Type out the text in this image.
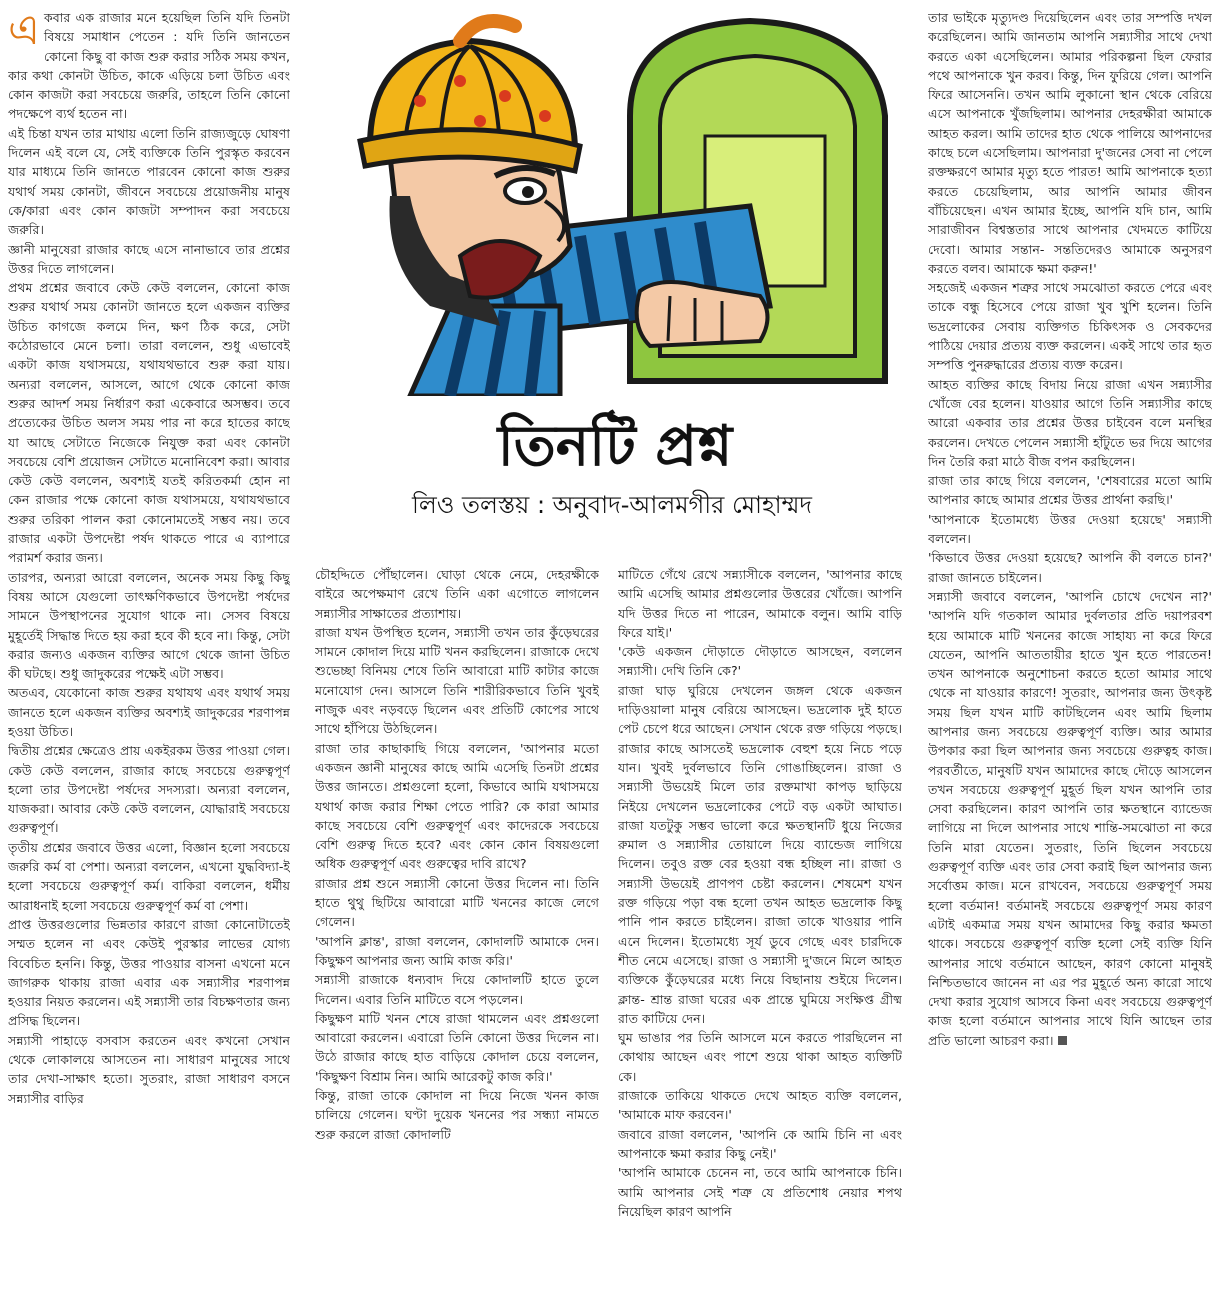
তিনটি প্রশ্ন
লিও তলস্তয় : অনুবাদ-আলমগীর মোহাম্মদ

একবার এক রাজার মনে হয়েছিল তিনি যদি তিনটা বিষয়ে সমাধান পেতেন : যদি তিনি জানতেন কোনো কিছু বা কাজ শুরু করার সঠিক সময় কখন, কার কথা কোনটা উচিত, কাকে এড়িয়ে চলা উচিত এবং কোন কাজটা করা সবচেয়ে জরুরি, তাহলে তিনি কোনো পদক্ষেপে ব্যর্থ হতেন না।

এই চিন্তা যখন তার মাথায় এলো তিনি রাজ্যজুড়ে ঘোষণা দিলেন এই বলে যে, সেই ব্যক্তিকে তিনি পুরস্কৃত করবেন যার মাধ্যমে তিনি জানতে পারবেন কোনো কাজ শুরুর যথার্থ সময় কোনটা, জীবনে সবচেয়ে প্রয়োজনীয় মানুষ কে/কারা এবং কোন কাজটা সম্পাদন করা সবচেয়ে জরুরি।

জ্ঞানী মানুষেরা রাজার কাছে এসে নানাভাবে তার প্রশ্নের উত্তর দিতে লাগলেন।

প্রথম প্রশ্নের জবাবে কেউ কেউ বললেন, কোনো কাজ শুরুর যথার্থ সময় কোনটা জানতে হলে একজন ব্যক্তির উচিত কাগজে কলমে দিন, ক্ষণ ঠিক করে, সেটা কঠোরভাবে মেনে চলা। তারা বললেন, শুধু এভাবেই একটা কাজ যথাসময়ে, যথাযথভাবে শুরু করা যায়। অন্যরা বললেন, আসলে, আগে থেকে কোনো কাজ শুরুর আদর্শ সময় নির্ধারণ করা একেবারে অসম্ভব। তবে প্রত্যেকের উচিত অলস সময় পার না করে হাতের কাছে যা আছে সেটাতে নিজেকে নিযুক্ত করা এবং কোনটা সবচেয়ে বেশি প্রয়োজন সেটাতে মনোনিবেশ করা। আবার কেউ কেউ বললেন, অবশ্যই যতই করিতকর্মা হোন না কেন রাজার পক্ষে কোনো কাজ যথাসময়ে, যথাযথভাবে শুরুর তরিকা পালন করা কোনোমতেই সম্ভব নয়। তবে রাজার একটা উপদেষ্টা পর্ষদ থাকতে পারে এ ব্যাপারে পরামর্শ করার জন্য।

তারপর, অন্যরা আরো বললেন, অনেক সময় কিছু কিছু বিষয় আসে যেগুলো তাৎক্ষণিকভাবে উপদেষ্টা পর্ষদের সামনে উপস্থাপনের সুযোগ থাকে না। সেসব বিষয়ে মুহূর্তেই সিদ্ধান্ত দিতে হয় করা হবে কী হবে না। কিন্তু, সেটা করার জন্যও একজন ব্যক্তির আগে থেকে জানা উচিত কী ঘটছে। শুধু জাদুকরের পক্ষেই এটা সম্ভব।

অতএব, যেকোনো কাজ শুরুর যথাযথ এবং যথার্থ সময় জানতে হলে একজন ব্যক্তির অবশ্যই জাদুকরের শরণাপন্ন হওয়া উচিত।

দ্বিতীয় প্রশ্নের ক্ষেত্রেও প্রায় একইরকম উত্তর পাওয়া গেল। কেউ কেউ বললেন, রাজার কাছে সবচেয়ে গুরুত্বপূর্ণ হলো তার উপদেষ্টা পর্ষদের সদস্যরা। অন্যরা বললেন, যাজকরা। আবার কেউ কেউ বললেন, যোদ্ধারাই সবচেয়ে গুরুত্বপূর্ণ।

তৃতীয় প্রশ্নের জবাবে উত্তর এলো, বিজ্ঞান হলো সবচেয়ে জরুরি কর্ম বা পেশা। অন্যরা বললেন, এখনো যুদ্ধবিদ্যা-ই হলো সবচেয়ে গুরুত্বপূর্ণ কর্ম। বাকিরা বললেন, ধর্মীয় আরাধনাই হলো সবচেয়ে গুরুত্বপূর্ণ কর্ম বা পেশা।

প্রাপ্ত উত্তরগুলোর ভিন্নতার কারণে রাজা কোনোটাতেই সম্মত হলেন না এবং কেউই পুরস্কার লাভের যোগ্য বিবেচিত হননি। কিন্তু, উত্তর পাওয়ার বাসনা এখনো মনে জাগরুক থাকায় রাজা এবার এক সন্ন্যাসীর শরণাপন্ন হওয়ার নিয়ত করলেন। এই সন্ন্যাসী তার বিচক্ষণতার জন্য প্রসিদ্ধ ছিলেন।

সন্ন্যাসী পাহাড়ে বসবাস করতেন এবং কখনো সেখান থেকে লোকালয়ে আসতেন না। সাধারণ মানুষের সাথে তার দেখা-সাক্ষাৎ হতো। সুতরাং, রাজা সাধারণ বসনে সন্ন্যাসীর বাড়ির

চৌহদ্দিতে পৌঁছালেন। ঘোড়া থেকে নেমে, দেহরক্ষীকে বাইরে অপেক্ষমাণ রেখে তিনি একা এগোতে লাগলেন সন্ন্যাসীর সাক্ষাতের প্রত্যাশায়।

রাজা যখন উপস্থিত হলেন, সন্ন্যাসী তখন তার কুঁড়েঘরের সামনে কোদাল দিয়ে মাটি খনন করছিলেন। রাজাকে দেখে শুভেচ্ছা বিনিময় শেষে তিনি আবারো মাটি কাটার কাজে মনোযোগ দেন। আসলে তিনি শারীরিকভাবে তিনি খুবই নাজুক এবং নড়বড়ে ছিলেন এবং প্রতিটি কোপের সাথে সাথে হাঁপিয়ে উঠছিলেন।

রাজা তার কাছাকাছি গিয়ে বললেন, 'আপনার মতো একজন জ্ঞানী মানুষের কাছে আমি এসেছি তিনটা প্রশ্নের উত্তর জানতে। প্রশ্নগুলো হলো, কিভাবে আমি যথাসময়ে যথার্থ কাজ করার শিক্ষা পেতে পারি? কে কারা আমার কাছে সবচেয়ে বেশি গুরুত্বপূর্ণ এবং কাদেরকে সবচেয়ে বেশি গুরুত্ব দিতে হবে? এবং কোন কোন বিষয়গুলো অধিক গুরুত্বপূর্ণ এবং গুরুত্বের দাবি রাখে?

রাজার প্রশ্ন শুনে সন্ন্যাসী কোনো উত্তর দিলেন না। তিনি হাতে থুথু ছিটিয়ে আবারো মাটি খননের কাজে লেগে গেলেন।

'আপনি ক্লান্ত', রাজা বললেন, কোদালটি আমাকে দেন। কিছুক্ষণ আপনার জন্য আমি কাজ করি।'

সন্ন্যাসী রাজাকে ধন্যবাদ দিয়ে কোদালটি হাতে তুলে দিলেন। এবার তিনি মাটিতে বসে পড়লেন।

কিছুক্ষণ মাটি খনন শেষে রাজা থামলেন এবং প্রশ্নগুলো আবারো করলেন। এবারো তিনি কোনো উত্তর দিলেন না। উঠে রাজার কাছে হাত বাড়িয়ে কোদাল চেয়ে বললেন, 'কিছুক্ষণ বিশ্রাম নিন। আমি আরেকটু কাজ করি।'

কিন্তু, রাজা তাকে কোদাল না দিয়ে নিজে খনন কাজ চালিয়ে গেলেন। ঘণ্টা দুয়েক খননের পর সন্ধ্যা নামতে শুরু করলে রাজা কোদালটি

মাটিতে গেঁথে রেখে সন্ন্যাসীকে বললেন, 'আপনার কাছে আমি এসেছি আমার প্রশ্নগুলোর উত্তরের খোঁজে। আপনি যদি উত্তর দিতে না পারেন, আমাকে বলুন। আমি বাড়ি ফিরে যাই।'

'কেউ একজন দৌড়াতে দৌড়াতে আসছেন, বললেন সন্ন্যাসী। দেখি তিনি কে?'

রাজা ঘাড় ঘুরিয়ে দেখলেন জঙ্গল থেকে একজন দাড়িওয়ালা মানুষ বেরিয়ে আসছেন। ভদ্রলোক দুই হাতে পেট চেপে ধরে আছেন। সেখান থেকে রক্ত গড়িয়ে পড়ছে। রাজার কাছে আসতেই ভদ্রলোক বেহুশ হয়ে নিচে পড়ে যান। খুবই দুর্বলভাবে তিনি গোঙাচ্ছিলেন। রাজা ও সন্ন্যাসী উভয়েই মিলে তার রক্তমাখা কাপড় ছাড়িয়ে নিইয়ে দেখলেন ভদ্রলোকের পেটে বড় একটা আঘাত। রাজা যতটুকু সম্ভব ভালো করে ক্ষতস্থানটি ধুয়ে নিজের রুমাল ও সন্ন্যাসীর তোয়ালে দিয়ে ব্যান্ডেজ লাগিয়ে দিলেন। তবুও রক্ত বের হওয়া বন্ধ হচ্ছিল না। রাজা ও সন্ন্যাসী উভয়েই প্রাণপণ চেষ্টা করলেন। শেষমেশ যখন রক্ত গড়িয়ে পড়া বন্ধ হলো তখন আহত ভদ্রলোক কিছু পানি পান করতে চাইলেন। রাজা তাকে খাওয়ার পানি এনে দিলেন। ইতোমধ্যে সূর্য ডুবে গেছে এবং চারদিকে শীত নেমে এসেছে। রাজা ও সন্ন্যাসী দু'জনে মিলে আহত ব্যক্তিকে কুঁড়েঘরের মধ্যে নিয়ে বিছানায় শুইয়ে দিলেন। ক্লান্ত- শ্রান্ত রাজা ঘরের এক প্রান্তে ঘুমিয়ে সংক্ষিপ্ত গ্রীষ্ম রাত কাটিয়ে দেন।

ঘুম ভাঙার পর তিনি আসলে মনে করতে পারছিলেন না কোথায় আছেন এবং পাশে শুয়ে থাকা আহত ব্যক্তিটি কে।

রাজাকে তাকিয়ে থাকতে দেখে আহত ব্যক্তি বললেন, 'আমাকে মাফ করবেন।'

জবাবে রাজা বললেন, 'আপনি কে আমি চিনি না এবং আপনাকে ক্ষমা করার কিছু নেই।'

'আপনি আমাকে চেনেন না, তবে আমি আপনাকে চিনি। আমি আপনার সেই শত্রু যে প্রতিশোধ নেয়ার শপথ নিয়েছিল কারণ আপনি

তার ভাইকে মৃত্যুদণ্ড দিয়েছিলেন এবং তার সম্পত্তি দখল করেছিলেন। আমি জানতাম আপনি সন্ন্যাসীর সাথে দেখা করতে একা এসেছিলেন। আমার পরিকল্পনা ছিল ফেরার পথে আপনাকে খুন করব। কিন্তু, দিন ফুরিয়ে গেল। আপনি ফিরে আসেননি। তখন আমি লুকানো স্থান থেকে বেরিয়ে এসে আপনাকে খুঁজছিলাম। আপনার দেহরক্ষীরা আমাকে আহত করল। আমি তাদের হাত থেকে পালিয়ে আপনাদের কাছে চলে এসেছিলাম। আপনারা দু'জনের সেবা না পেলে রক্তক্ষরণে আমার মৃত্যু হতে পারত! আমি আপনাকে হত্যা করতে চেয়েছিলাম, আর আপনি আমার জীবন বাঁচিয়েছেন। এখন আমার ইচ্ছে, আপনি যদি চান, আমি সারাজীবন বিশ্বস্ততার সাথে আপনার খেদমতে কাটিয়ে দেবো। আমার সন্তান- সন্ততিদেরও আমাকে অনুসরণ করতে বলব। আমাকে ক্ষমা করুন!'

সহজেই একজন শত্রুর সাথে সমঝোতা করতে পেরে এবং তাকে বন্ধু হিসেবে পেয়ে রাজা খুব খুশি হলেন। তিনি ভদ্রলোকের সেবায় ব্যক্তিগত চিকিৎসক ও সেবকদের পাঠিয়ে দেয়ার প্রত্যয় ব্যক্ত করলেন। একই সাথে তার হৃত সম্পত্তি পুনরুদ্ধারের প্রত্যয় ব্যক্ত করেন।

আহত ব্যক্তির কাছে বিদায় নিয়ে রাজা এখন সন্ন্যাসীর খোঁজে বের হলেন। যাওয়ার আগে তিনি সন্ন্যাসীর কাছে আরো একবার তার প্রশ্নের উত্তর চাইবেন বলে মনস্থির করলেন। দেখতে পেলেন সন্ন্যাসী হাঁটুতে ভর দিয়ে আগের দিন তৈরি করা মাঠে বীজ বপন করছিলেন।

রাজা তার কাছে গিয়ে বললেন, 'শেষবারের মতো আমি আপনার কাছে আমার প্রশ্নের উত্তর প্রার্থনা করছি।'

'আপনাকে ইতোমধ্যে উত্তর দেওয়া হয়েছে' সন্ন্যাসী বললেন।

'কিভাবে উত্তর দেওয়া হয়েছে? আপনি কী বলতে চান?' রাজা জানতে চাইলেন।

সন্ন্যাসী জবাবে বললেন, 'আপনি চোখে দেখেন না?' 'আপনি যদি গতকাল আমার দুর্বলতার প্রতি দয়াপরবশ হয়ে আমাকে মাটি খননের কাজে সাহায্য না করে ফিরে যেতেন, আপনি আততায়ীর হাতে খুন হতে পারতেন! তখন আপনাকে অনুশোচনা করতে হতো আমার সাথে থেকে না যাওয়ার কারণে! সুতরাং, আপনার জন্য উৎকৃষ্ট সময় ছিল যখন মাটি কাটছিলেন এবং আমি ছিলাম আপনার জন্য সবচেয়ে গুরুত্বপূর্ণ ব্যক্তি। আর আমার উপকার করা ছিল আপনার জন্য সবচেয়ে গুরুত্বহ কাজ। পরবর্তীতে, মানুষটি যখন আমাদের কাছে দৌড়ে আসলেন তখন সবচেয়ে গুরুত্বপূর্ণ মুহূর্ত ছিল যখন আপনি তার সেবা করছিলেন। কারণ আপনি তার ক্ষতস্থানে ব্যান্ডেজ লাগিয়ে না দিলে আপনার সাথে শান্তি-সমঝোতা না করে তিনি মারা যেতেন। সুতরাং, তিনি ছিলেন সবচেয়ে গুরুত্বপূর্ণ ব্যক্তি এবং তার সেবা করাই ছিল আপনার জন্য সর্বোত্তম কাজ। মনে রাখবেন, সবচেয়ে গুরুত্বপূর্ণ সময় হলো বর্তমান! বর্তমানই সবচেয়ে গুরুত্বপূর্ণ সময় কারণ এটাই একমাত্র সময় যখন আমাদের কিছু করার ক্ষমতা থাকে। সবচেয়ে গুরুত্বপূর্ণ ব্যক্তি হলো সেই ব্যক্তি যিনি আপনার সাথে বর্তমানে আছেন, কারণ কোনো মানুষই নিশ্চিতভাবে জানেন না এর পর মুহূর্তে অন্য কারো সাথে দেখা করার সুযোগ আসবে কিনা এবং সবচেয়ে গুরুত্বপূর্ণ কাজ হলো বর্তমানে আপনার সাথে যিনি আছেন তার প্রতি ভালো আচরণ করা।
